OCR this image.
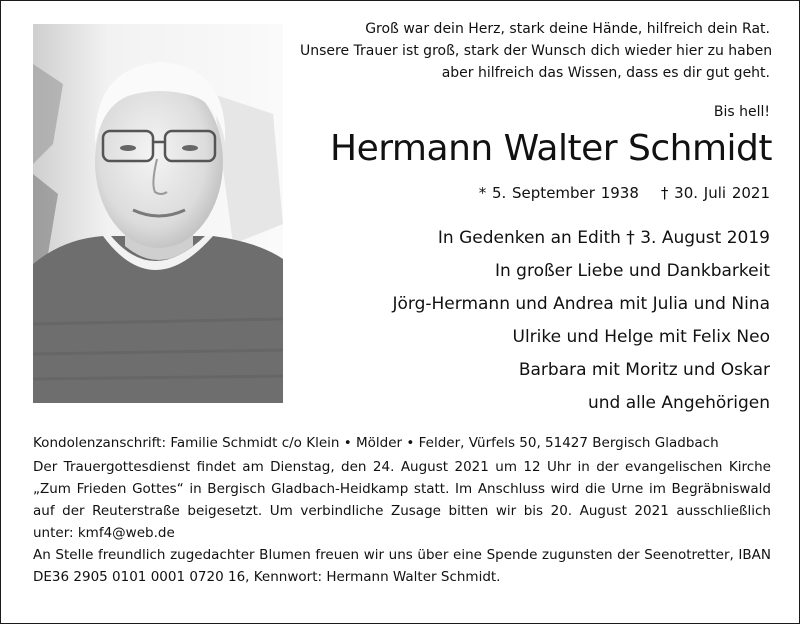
Groß war dein Herz, stark deine Hände, hilfreich dein Rat.
Unsere Trauer ist groß, stark der Wunsch dich wieder hier zu haben
aber hilfreich das Wissen, dass es dir gut geht.
Bis hell!
Hermann Walter Schmidt
* 5. September 1938 † 30. Juli 2021
In Gedenken an Edith † 3. August 2019
In großer Liebe und Dankbarkeit
Jörg-Hermann und Andrea mit Julia und Nina
Ulrike und Helge mit Felix Neo
Barbara mit Moritz und Oskar
und alle Angehörigen
Kondolenzanschrift: Familie Schmidt c/o Klein • Mölder • Felder, Vürfels 50, 51427 Bergisch Gladbach
Der Trauergottesdienst findet am Dienstag, den 24. August 2021 um 12 Uhr in der evangelischen Kirche „Zum Frieden Gottes“ in Bergisch Gladbach-Heidkamp statt. Im Anschluss wird die Urne im Begräbniswald auf der Reuterstraße beigesetzt. Um verbindliche Zusage bitten wir bis 20. August 2021 ausschließlich unter: kmf4@web.de
An Stelle freundlich zugedachter Blumen freuen wir uns über eine Spende zugunsten der Seenotretter, IBAN DE36 2905 0101 0001 0720 16, Kennwort: Hermann Walter Schmidt.
